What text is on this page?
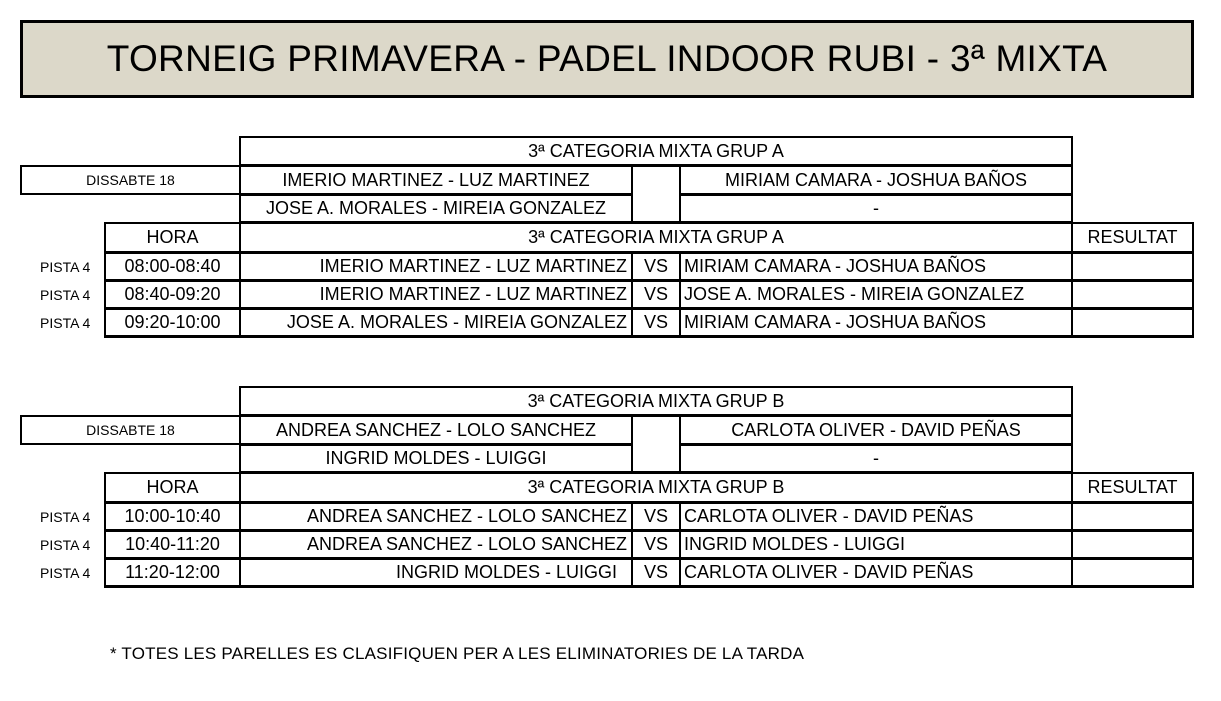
TORNEIG PRIMAVERA - PADEL INDOOR RUBI - 3ª MIXTA
3ª CATEGORIA MIXTA GRUP A
DISSABTE 18	IMERIO MARTINEZ - LUZ MARTINEZ	MIRIAM CAMARA - JOSHUA BAÑOS
JOSE A. MORALES - MIREIA GONZALEZ	-
HORA	3ª CATEGORIA MIXTA GRUP A	RESULTAT
PISTA 4	08:00-08:40	IMERIO MARTINEZ - LUZ MARTINEZ VS MIRIAM CAMARA - JOSHUA BAÑOS
PISTA 4	08:40-09:20	IMERIO MARTINEZ - LUZ MARTINEZ VS JOSE A. MORALES - MIREIA GONZALEZ
PISTA 4	09:20-10:00	JOSE A. MORALES - MIREIA GONZALEZ VS MIRIAM CAMARA - JOSHUA BAÑOS
3ª CATEGORIA MIXTA GRUP B
DISSABTE 18	ANDREA SANCHEZ - LOLO SANCHEZ	CARLOTA OLIVER - DAVID PEÑAS
INGRID MOLDES - LUIGGI	-
HORA	3ª CATEGORIA MIXTA GRUP B	RESULTAT
PISTA 4	10:00-10:40	ANDREA SANCHEZ - LOLO SANCHEZ VS CARLOTA OLIVER - DAVID PEÑAS
PISTA 4	10:40-11:20	ANDREA SANCHEZ - LOLO SANCHEZ VS INGRID MOLDES - LUIGGI
PISTA 4	11:20-12:00	INGRID MOLDES - LUIGGI	VS CARLOTA OLIVER - DAVID PEÑAS
* TOTES LES PARELLES ES CLASIFIQUEN PER A LES ELIMINATORIES DE LA TARDA
